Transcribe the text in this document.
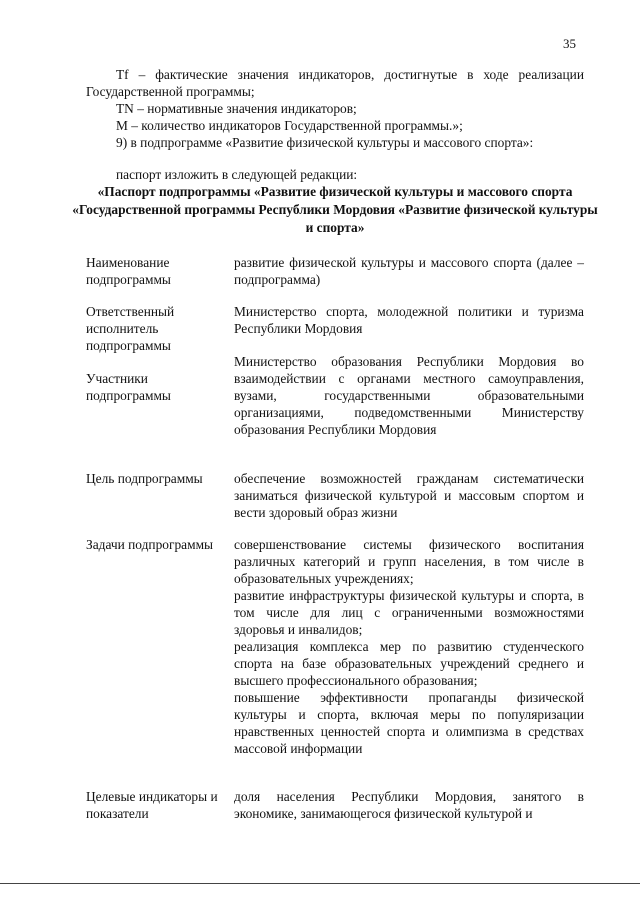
35
Tf – фактические значения индикаторов, достигнутые в ходе реализации Государственной программы;
TN – нормативные значения индикаторов;
M – количество индикаторов Государственной программы.»;
9) в подпрограмме «Развитие физической культуры и массового спорта»:
паспорт изложить в следующей редакции:
«Паспорт подпрограммы «Развитие физической культуры и массового спорта «Государственной программы Республики Мордовия «Развитие физической культуры и спорта»
Наименование подпрограммы
развитие физической культуры и массового спорта (далее – подпрограмма)
Ответственный исполнитель подпрограммы
Министерство спорта, молодежной политики и туризма Республики Мордовия
Участники подпрограммы
Министерство образования Республики Мордовия во взаимодействии с органами местного самоуправления, вузами, государственными образовательными организациями, подведомственными Министерству образования Республики Мордовия
Цель подпрограммы	обеспечение возможностей гражданам систематически заниматься физической культурой и массовым спортом и вести здоровый образ жизни
Задачи подпрограммы	совершенствование системы физического воспитания различных категорий и групп населения, в том числе в образовательных учреждениях;
развитие инфраструктуры физической культуры и спорта, в том числе для лиц с ограниченными возможностями здоровья и инвалидов;
реализация комплекса мер по развитию студенческого спорта на базе образовательных учреждений среднего и высшего профессионального образования;
повышение эффективности пропаганды физической культуры и спорта, включая меры по популяризации нравственных ценностей спорта и олимпизма в средствах массовой информации
Целевые индикаторы и показатели
доля населения Республики Мордовия, занятого в экономике, занимающегося физической культурой и
